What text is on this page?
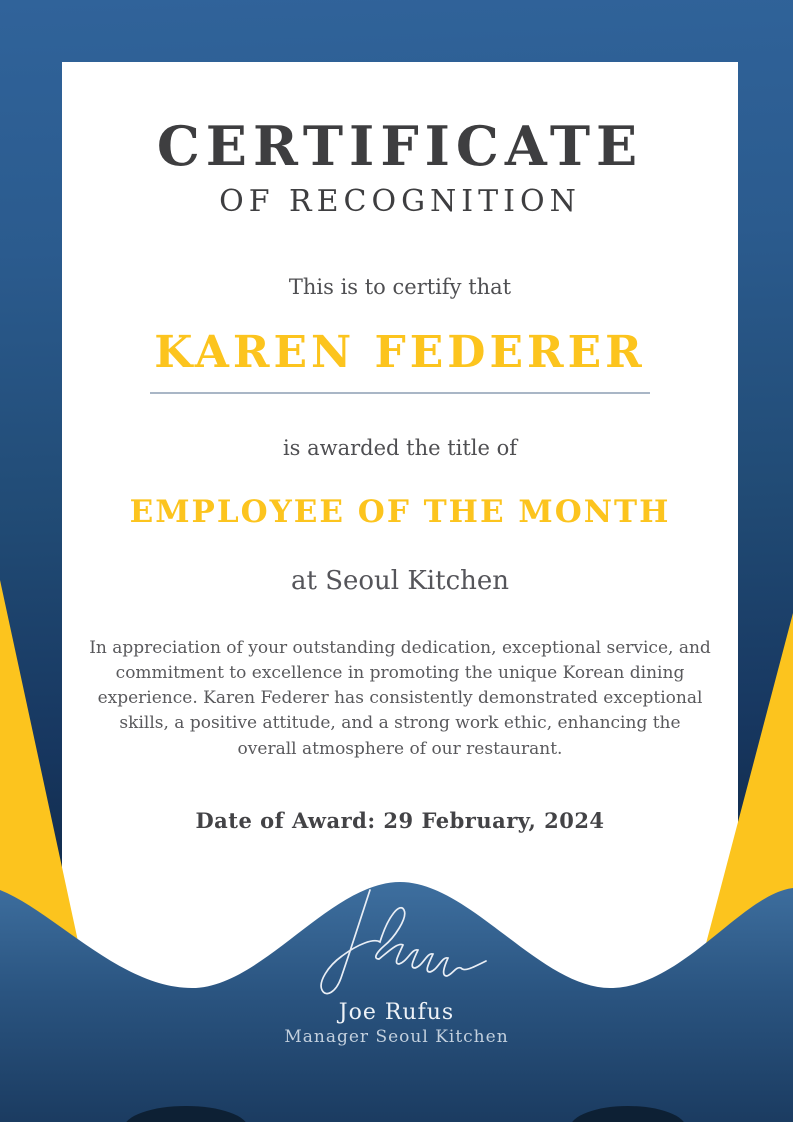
CERTIFICATE
OF RECOGNITION
This is to certify that
KAREN FEDERER
is awarded the title of
EMPLOYEE OF THE MONTH
at Seoul Kitchen

In appreciation of your outstanding dedication, exceptional service, and commitment to excellence in promoting the unique Korean dining experience. Karen Federer has consistently demonstrated exceptional skills, a positive attitude, and a strong work ethic, enhancing the overall atmosphere of our restaurant.

Date of Award: 29 February, 2024
Joe Rufus
Manager Seoul Kitchen
